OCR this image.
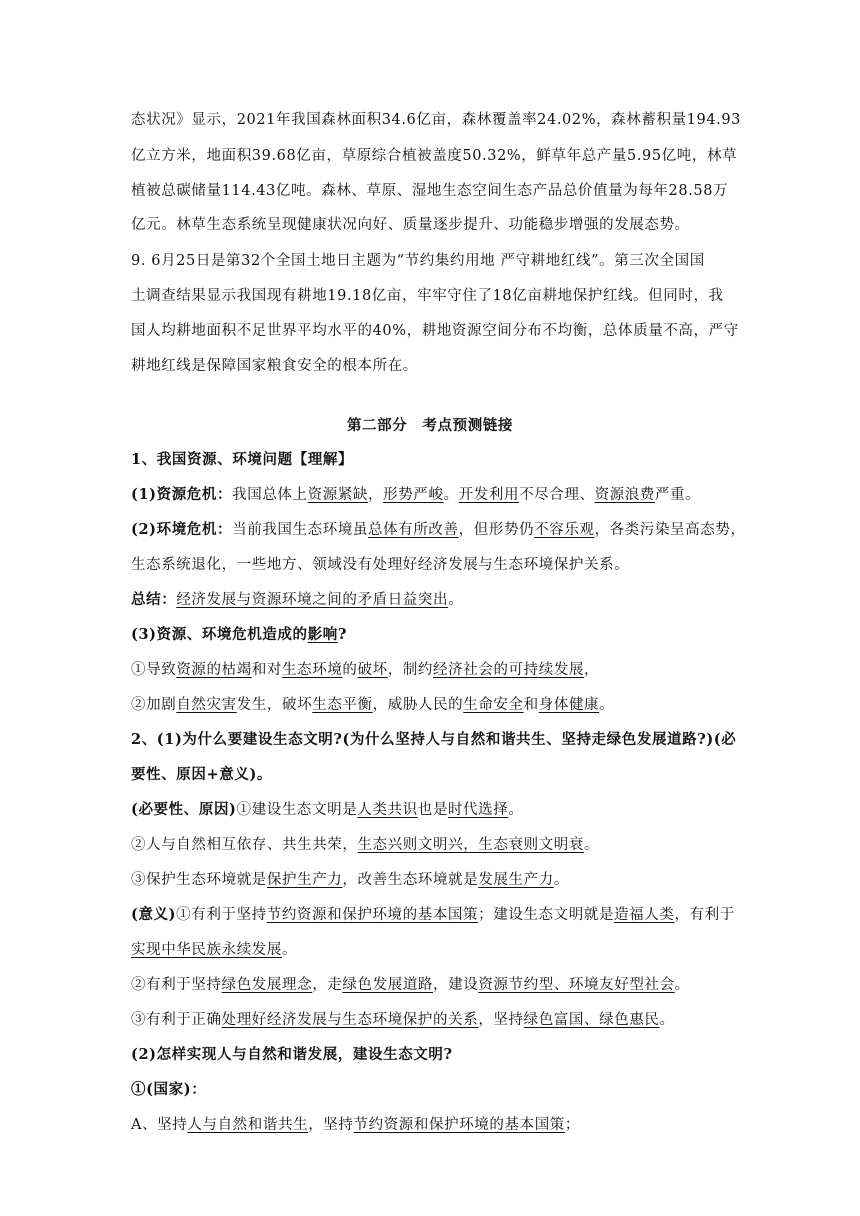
态状况》显示，2021年我国森林面积34.6亿亩，森林覆盖率24.02%，森林蓄积量194.93
亿立方米，地面积39.68亿亩，草原综合植被盖度50.32%，鲜草年总产量5.95亿吨，林草
植被总碳储量114.43亿吨。森林、草原、湿地生态空间生态产品总价值量为每年28.58万
亿元。林草生态系统呈现健康状况向好、质量逐步提升、功能稳步增强的发展态势。
9. 6月25日是第32个全国土地日主题为“节约集约用地 严守耕地红线”。第三次全国国
土调查结果显示我国现有耕地19.18亿亩，牢牢守住了18亿亩耕地保护红线。但同时，我
国人均耕地面积不足世界平均水平的40%，耕地资源空间分布不均衡，总体质量不高，严守
耕地红线是保障国家粮食安全的根本所在。
第二部分　考点预测链接
1、我国资源、环境问题【理解】
(1)资源危机：我国总体上资源紧缺，形势严峻。开发利用不尽合理、资源浪费严重。
(2)环境危机：当前我国生态环境虽总体有所改善，但形势仍不容乐观，各类污染呈高态势，
生态系统退化，一些地方、领域没有处理好经济发展与生态环境保护关系。
总结：经济发展与资源环境之间的矛盾日益突出。
(3)资源、环境危机造成的影响?
①导致资源的枯竭和对生态环境的破坏，制约经济社会的可持续发展，
②加剧自然灾害发生，破坏生态平衡，威胁人民的生命安全和身体健康。
2、(1)为什么要建设生态文明?(为什么坚持人与自然和谐共生、坚持走绿色发展道路?)(必
要性、原因+意义)。
(必要性、原因)①建设生态文明是人类共识也是时代选择。
②人与自然相互依存、共生共荣，生态兴则文明兴，生态衰则文明衰。
③保护生态环境就是保护生产力，改善生态环境就是发展生产力。
(意义)①有利于坚持节约资源和保护环境的基本国策；建设生态文明就是造福人类，有利于
实现中华民族永续发展。
②有利于坚持绿色发展理念，走绿色发展道路，建设资源节约型、环境友好型社会。
③有利于正确处理好经济发展与生态环境保护的关系，坚持绿色富国、绿色惠民。
(2)怎样实现人与自然和谐发展，建设生态文明?
①(国家)：
A、坚持人与自然和谐共生，坚持节约资源和保护环境的基本国策；
